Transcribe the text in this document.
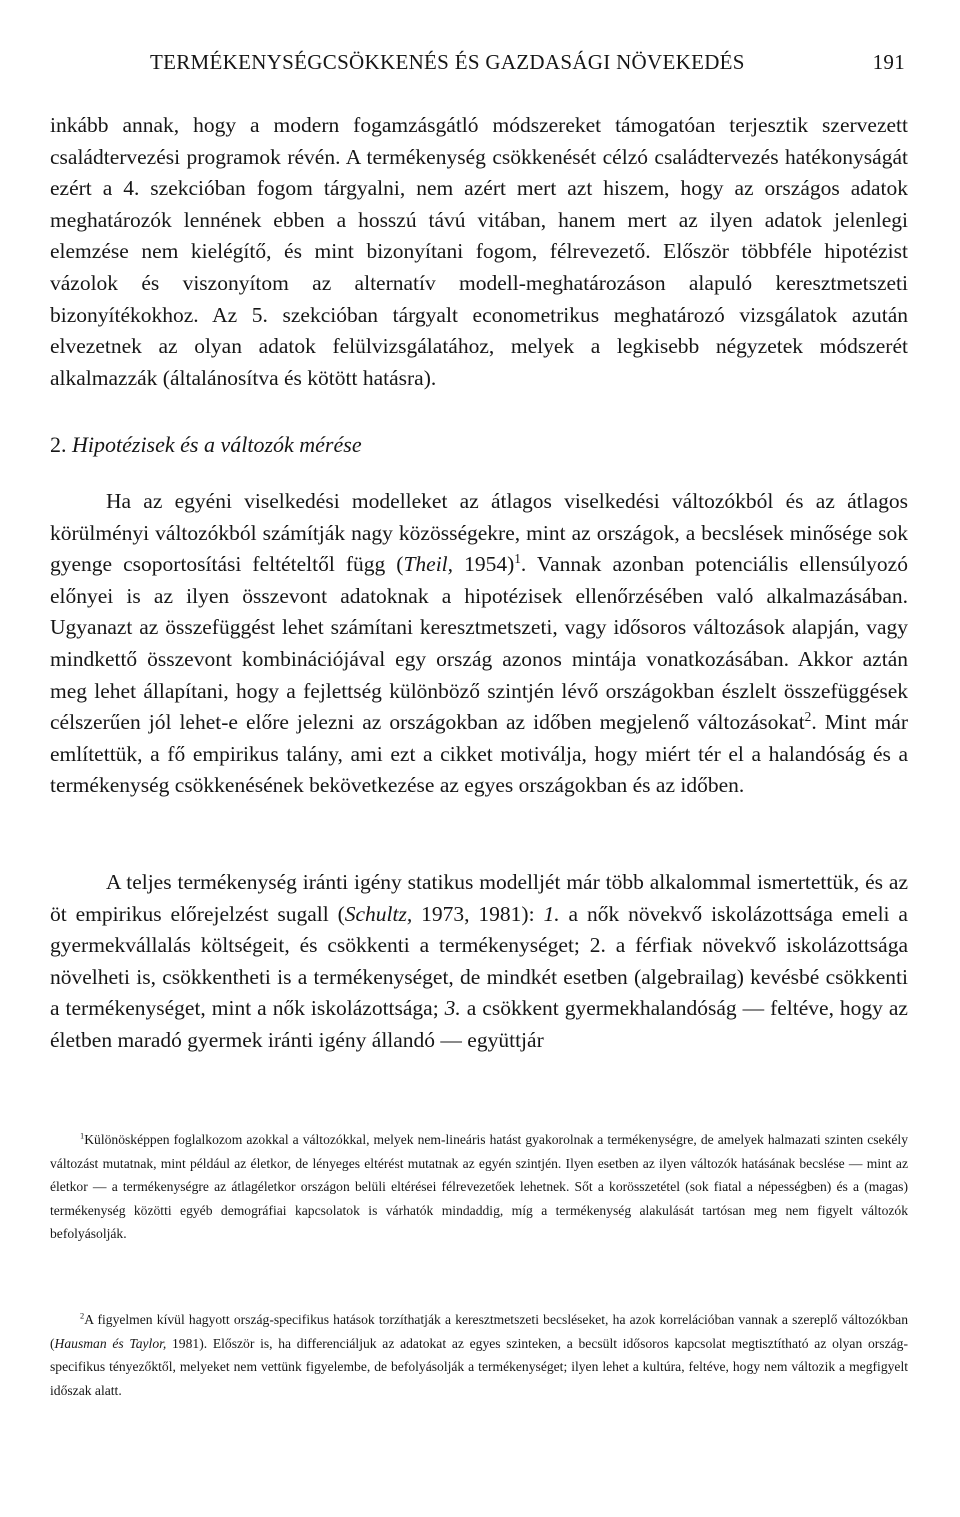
TERMÉKENYSÉGCSÖKKENÉS ÉS GAZDASÁGI NÖVEKEDÉS	191

inkább annak, hogy a modern fogamzásgátló módszereket támogatóan terjesztik szervezett családtervezési programok révén. A termékenység csökkenését célzó családtervezés hatékonyságát ezért a 4. szekcióban fogom tárgyalni, nem azért mert azt hiszem, hogy az országos adatok meghatározók lennének ebben a hosszú távú vitában, hanem mert az ilyen adatok jelenlegi elemzése nem kielégítő, és mint bizonyítani fogom, félrevezető. Először többféle hipotézist vázolok és viszonyítom az alternatív modell-meghatározáson alapuló keresztmetszeti bizonyítékokhoz. Az 5. szekcióban tárgyalt econometrikus meghatározó vizsgálatok azután elvezetnek az olyan adatok felülvizsgálatához, melyek a legkisebb négyzetek módszerét alkalmazzák (általánosítva és kötött hatásra).

2. Hipotézisek és a változók mérése

Ha az egyéni viselkedési modelleket az átlagos viselkedési változókból és az átlagos körülményi változókból számítják nagy közösségekre, mint az országok, a becslések minősége sok gyenge csoportosítási feltételtől függ (Theil, 1954)$^1$. Vannak azonban potenciális ellensúlyozó előnyei is az ilyen összevont adatoknak a hipotézisek ellenőrzésében való alkalmazásában. Ugyanazt az összefüggést lehet számítani keresztmetszeti, vagy idősoros változások alapján, vagy mindkettő összevont kombinációjával egy ország azonos mintája vonatkozásában. Akkor aztán meg lehet állapítani, hogy a fejlettség különböző szintjén lévő országokban észlelt összefüggések célszerűen jól lehet-e előre jelezni az országokban az időben megjelenő változásokat$^2$. Mint már említettük, a fő empirikus talány, ami ezt a cikket motiválja, hogy miért tér el a halandóság és a termékenység csökkenésének bekövetkezése az egyes országokban és az időben.

A teljes termékenység iránti igény statikus modelljét már több alkalommal ismertettük, és az öt empirikus előrejelzést sugall (Schultz, 1973, 1981): 1. a nők növekvő iskolázottsága emeli a gyermekvállalás költségeit, és csökkenti a termékenységet; 2. a férfiak növekvő iskolázottsága növelheti is, csökkentheti is a termékenységet, de mindkét esetben (algebrailag) kevésbé csökkenti a termékenységet, mint a nők iskolázottsága; 3. a csökkent gyermekhalandóság — feltéve, hogy az életben maradó gyermek iránti igény állandó — együttjár

$^1$Különösképpen foglalkozom azokkal a változókkal, melyek nem-lineáris hatást gyakorolnak a termékenységre, de amelyek halmazati szinten csekély változást mutatnak, mint például az életkor, de lényeges eltérést mutatnak az egyén szintjén. Ilyen esetben az ilyen változók hatásának becslése — mint az életkor — a termékenységre az átlagéletkor országon belüli eltérései félrevezetőek lehetnek. Sőt a korösszetétel (sok fiatal a népességben) és a (magas) termékenység közötti egyéb demográfiai kapcsolatok is várhatók mindaddig, míg a termékenység alakulását tartósan meg nem figyelt változók befolyásolják.

$^2$A figyelmen kívül hagyott ország-specifikus hatások torzíthatják a keresztmetszeti becsléseket, ha azok korrelációban vannak a szereplő változókban (Hausman és Taylor, 1981). Először is, ha differenciáljuk az adatokat az egyes szinteken, a becsült idősoros kapcsolat megtisztítható az olyan ország-specifikus tényezőktől, melyeket nem vettünk figyelembe, de befolyásolják a termékenységet; ilyen lehet a kultúra, feltéve, hogy nem változik a megfigyelt időszak alatt.
